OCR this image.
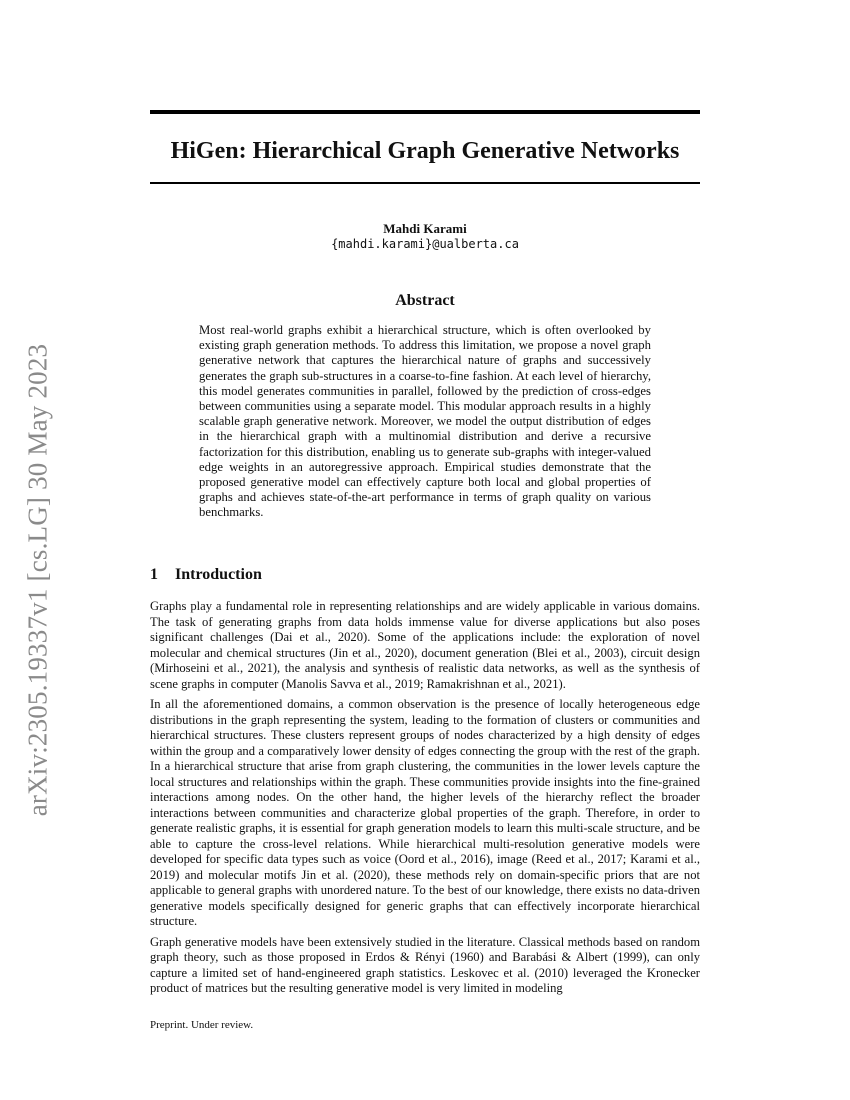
arXiv:2305.19337v1 [cs.LG] 30 May 2023
HiGen: Hierarchical Graph Generative Networks
Mahdi Karami
{mahdi.karami}@ualberta.ca
Abstract

Most real-world graphs exhibit a hierarchical structure, which is often overlooked by existing graph generation methods. To address this limitation, we propose a novel graph generative network that captures the hierarchical nature of graphs and successively generates the graph sub-structures in a coarse-to-fine fashion. At each level of hierarchy, this model generates communities in parallel, followed by the prediction of cross-edges between communities using a separate model. This modular approach results in a highly scalable graph generative network. Moreover, we model the output distribution of edges in the hierarchical graph with a multinomial distribution and derive a recursive factorization for this distribution, enabling us to generate sub-graphs with integer-valued edge weights in an autoregressive approach. Empirical studies demonstrate that the proposed generative model can effectively capture both local and global properties of graphs and achieves state-of-the-art performance in terms of graph quality on various benchmarks.

1 Introduction

Graphs play a fundamental role in representing relationships and are widely applicable in various domains. The task of generating graphs from data holds immense value for diverse applications but also poses significant challenges (Dai et al., 2020). Some of the applications include: the exploration of novel molecular and chemical structures (Jin et al., 2020), document generation (Blei et al., 2003), circuit design (Mirhoseini et al., 2021), the analysis and synthesis of realistic data networks, as well as the synthesis of scene graphs in computer (Manolis Savva et al., 2019; Ramakrishnan et al., 2021).

In all the aforementioned domains, a common observation is the presence of locally heterogeneous edge distributions in the graph representing the system, leading to the formation of clusters or communities and hierarchical structures. These clusters represent groups of nodes characterized by a high density of edges within the group and a comparatively lower density of edges connecting the group with the rest of the graph. In a hierarchical structure that arise from graph clustering, the communities in the lower levels capture the local structures and relationships within the graph. These communities provide insights into the fine-grained interactions among nodes. On the other hand, the higher levels of the hierarchy reflect the broader interactions between communities and characterize global properties of the graph. Therefore, in order to generate realistic graphs, it is essential for graph generation models to learn this multi-scale structure, and be able to capture the cross-level relations. While hierarchical multi-resolution generative models were developed for specific data types such as voice (Oord et al., 2016), image (Reed et al., 2017; Karami et al., 2019) and molecular motifs Jin et al. (2020), these methods rely on domain-specific priors that are not applicable to general graphs with unordered nature. To the best of our knowledge, there exists no data-driven generative models specifically designed for generic graphs that can effectively incorporate hierarchical structure.

Graph generative models have been extensively studied in the literature. Classical methods based on random graph theory, such as those proposed in Erdos & Rényi (1960) and Barabási & Albert (1999), can only capture a limited set of hand-engineered graph statistics. Leskovec et al. (2010) leveraged the Kronecker product of matrices but the resulting generative model is very limited in modeling

Preprint. Under review.
